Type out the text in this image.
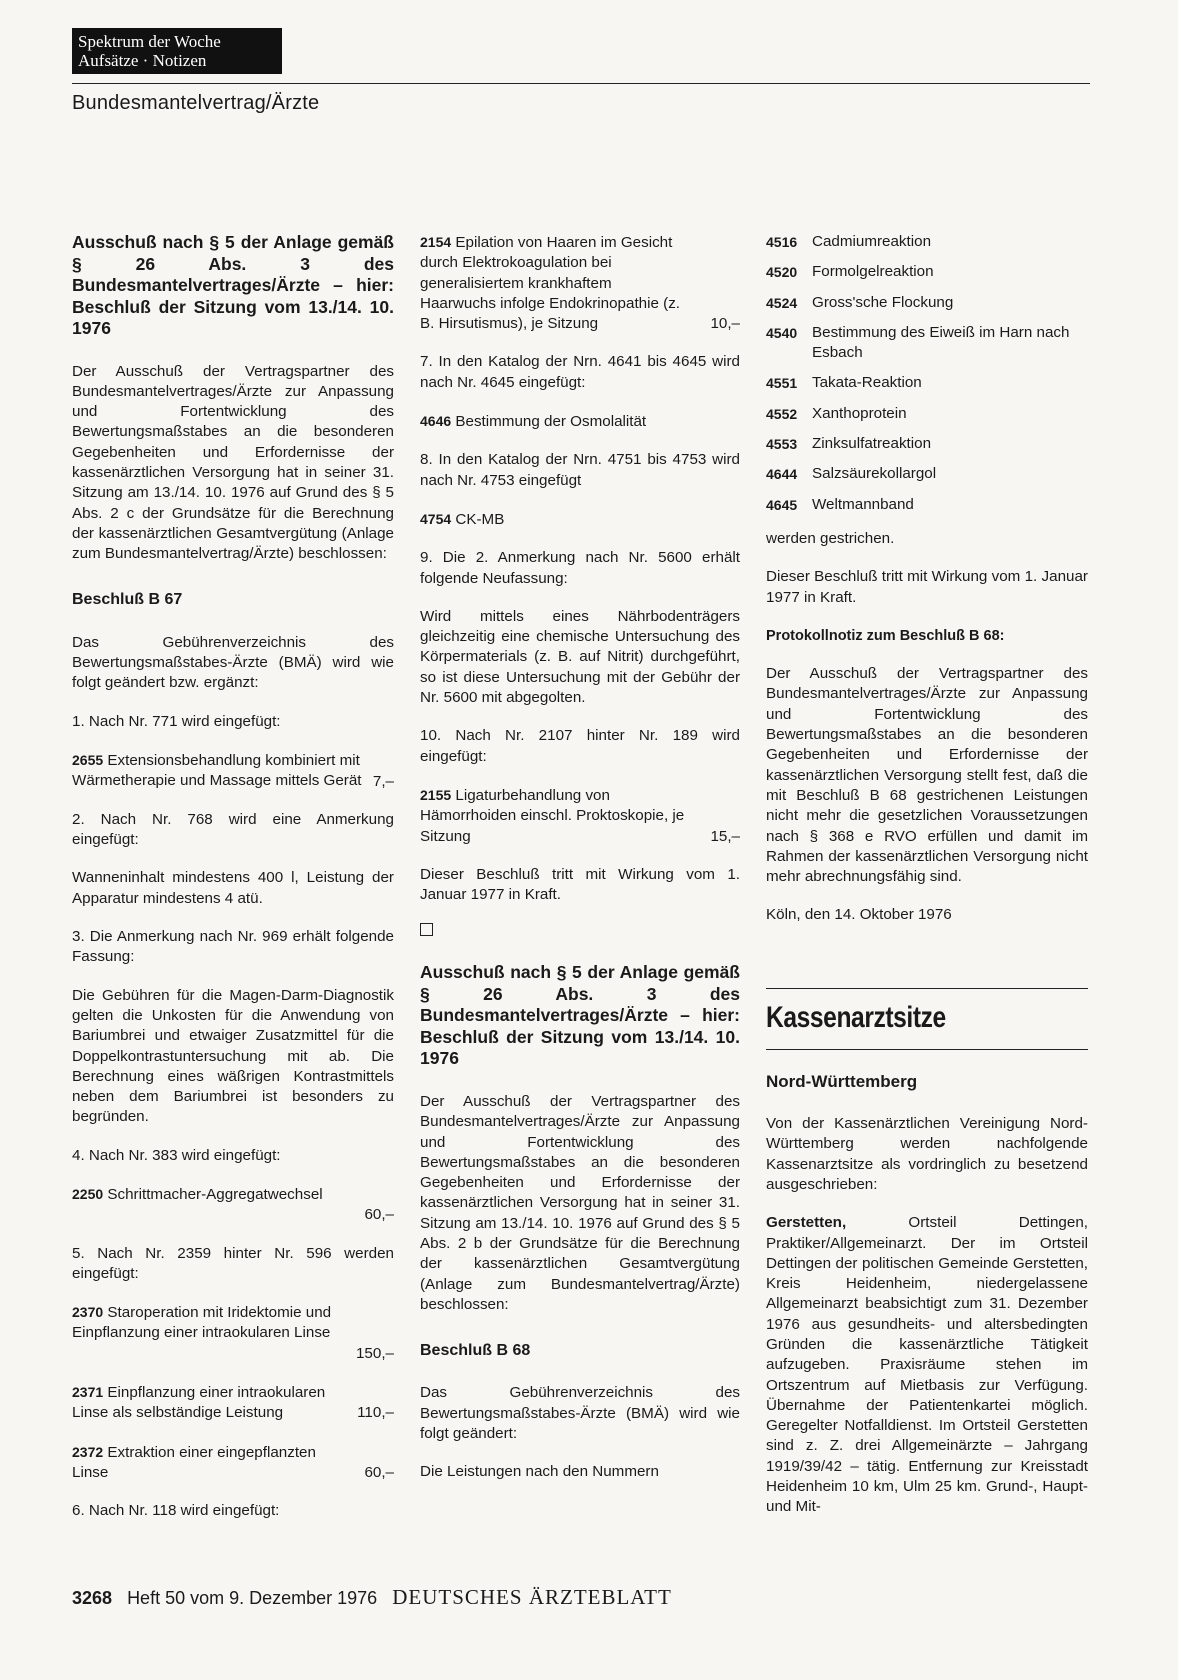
Spektrum der Woche
Aufsätze · Notizen
Bundesmantelvertrag/Ärzte
Ausschuß nach § 5 der Anlage gemäß § 26 Abs. 3 des Bundesmantelvertrages/Ärzte – hier: Beschluß der Sitzung vom 13./14. 10. 1976

Der Ausschuß der Vertragspartner des Bundesmantelvertrages/Ärzte zur Anpassung und Fortentwicklung des Bewertungsmaßstabes an die besonderen Gegebenheiten und Erfordernisse der kassenärztlichen Versorgung hat in seiner 31. Sitzung am 13./14. 10. 1976 auf Grund des § 5 Abs. 2 c der Grundsätze für die Berechnung der kassenärztlichen Gesamtvergütung (Anlage zum Bundesmantelvertrag/Ärzte) beschlossen:

Beschluß B 67

Das Gebührenverzeichnis des Bewertungsmaßstabes-Ärzte (BMÄ) wird wie folgt geändert bzw. ergänzt:

1. Nach Nr. 771 wird eingefügt:

2655 Extensionsbehandlung kombiniert mit Wärmetherapie und Massage mittels Gerät 7,–

2. Nach Nr. 768 wird eine Anmerkung eingefügt:

Wanneninhalt mindestens 400 l, Leistung der Apparatur mindestens 4 atü.

3. Die Anmerkung nach Nr. 969 erhält folgende Fassung:

Die Gebühren für die Magen-Darm-Diagnostik gelten die Unkosten für die Anwendung von Bariumbrei und etwaiger Zusatzmittel für die Doppelkontrastuntersuchung mit ab. Die Berechnung eines wäßrigen Kontrastmittels neben dem Bariumbrei ist besonders zu begründen.

4. Nach Nr. 383 wird eingefügt:

2250 Schrittmacher-Aggregatwechsel
60,–

5. Nach Nr. 2359 hinter Nr. 596 werden eingefügt:

2370 Staroperation mit Iridektomie und Einpflanzung einer intraokularen Linse
150,–
2371 Einpflanzung einer intraokularen Linse als selbständige Leistung	110,–
2372 Extraktion einer eingepflanzten Linse	60,–

6. Nach Nr. 118 wird eingefügt:

2154 Epilation von Haaren im Gesicht durch Elektrokoagulation bei generalisiertem krankhaftem Haarwuchs infolge Endokrinopathie (z. B. Hirsutismus), je Sitzung	10,–

7. In den Katalog der Nrn. 4641 bis 4645 wird nach Nr. 4645 eingefügt:

4646 Bestimmung der Osmolalität

8. In den Katalog der Nrn. 4751 bis 4753 wird nach Nr. 4753 eingefügt

4754 CK-MB

9. Die 2. Anmerkung nach Nr. 5600 erhält folgende Neufassung:

Wird mittels eines Nährbodenträgers gleichzeitig eine chemische Untersuchung des Körpermaterials (z. B. auf Nitrit) durchgeführt, so ist diese Untersuchung mit der Gebühr der Nr. 5600 mit abgegolten.

10. Nach Nr. 2107 hinter Nr. 189 wird eingefügt:

2155 Ligaturbehandlung von Hämorrhoiden einschl. Proktoskopie, je Sitzung	15,–

Dieser Beschluß tritt mit Wirkung vom 1. Januar 1977 in Kraft.

Ausschuß nach § 5 der Anlage gemäß § 26 Abs. 3 des Bundesmantelvertrages/Ärzte – hier: Beschluß der Sitzung vom 13./14. 10. 1976

Der Ausschuß der Vertragspartner des Bundesmantelvertrages/Ärzte zur Anpassung und Fortentwicklung des Bewertungsmaßstabes an die besonderen Gegebenheiten und Erfordernisse der kassenärztlichen Versorgung hat in seiner 31. Sitzung am 13./14. 10. 1976 auf Grund des § 5 Abs. 2 b der Grundsätze für die Berechnung der kassenärztlichen Gesamtvergütung (Anlage zum Bundesmantelvertrag/Ärzte) beschlossen:

Beschluß B 68

Das Gebührenverzeichnis des Bewertungsmaßstabes-Ärzte (BMÄ) wird wie folgt geändert:

Die Leistungen nach den Nummern

4516 Cadmiumreaktion
4520 Formolgelreaktion
4524 Gross'sche Flockung
4540 Bestimmung des Eiweiß im Harn nach Esbach
4551 Takata-Reaktion
4552 Xanthoprotein
4553 Zinksulfatreaktion
4644 Salzsäurekollargol
4645 Weltmannband

werden gestrichen.

Dieser Beschluß tritt mit Wirkung vom 1. Januar 1977 in Kraft.

Protokollnotiz zum Beschluß B 68:

Der Ausschuß der Vertragspartner des Bundesmantelvertrages/Ärzte zur Anpassung und Fortentwicklung des Bewertungsmaßstabes an die besonderen Gegebenheiten und Erfordernisse der kassenärztlichen Versorgung stellt fest, daß die mit Beschluß B 68 gestrichenen Leistungen nicht mehr die gesetzlichen Voraussetzungen nach § 368 e RVO erfüllen und damit im Rahmen der kassenärztlichen Versorgung nicht mehr abrechnungsfähig sind.

Köln, den 14. Oktober 1976

Kassenarztsitze
Nord-Württemberg

Von der Kassenärztlichen Vereinigung Nord-Württemberg werden nachfolgende Kassenarztsitze als vordringlich zu besetzend ausgeschrieben:

Gerstetten,	Ortsteil Dettingen, Praktiker/Allgemeinarzt. Der im Ortsteil Dettingen der politischen Gemeinde Gerstetten, Kreis Heidenheim, niedergelassene Allgemeinarzt beabsichtigt zum 31. Dezember 1976 aus gesundheits- und altersbedingten Gründen die kassenärztliche Tätigkeit aufzugeben. Praxisräume stehen im Ortszentrum auf Mietbasis zur Verfügung. Übernahme der Patientenkartei möglich. Geregelter Notfalldienst. Im Ortsteil Gerstetten sind z. Z. drei Allgemeinärzte – Jahrgang 1919/39/42 – tätig. Entfernung zur Kreisstadt Heidenheim 10 km, Ulm 25 km. Grund-, Haupt- und Mit-

3268 Heft 50 vom 9. Dezember 1976 DEUTSCHES ÄRZTEBLATT
